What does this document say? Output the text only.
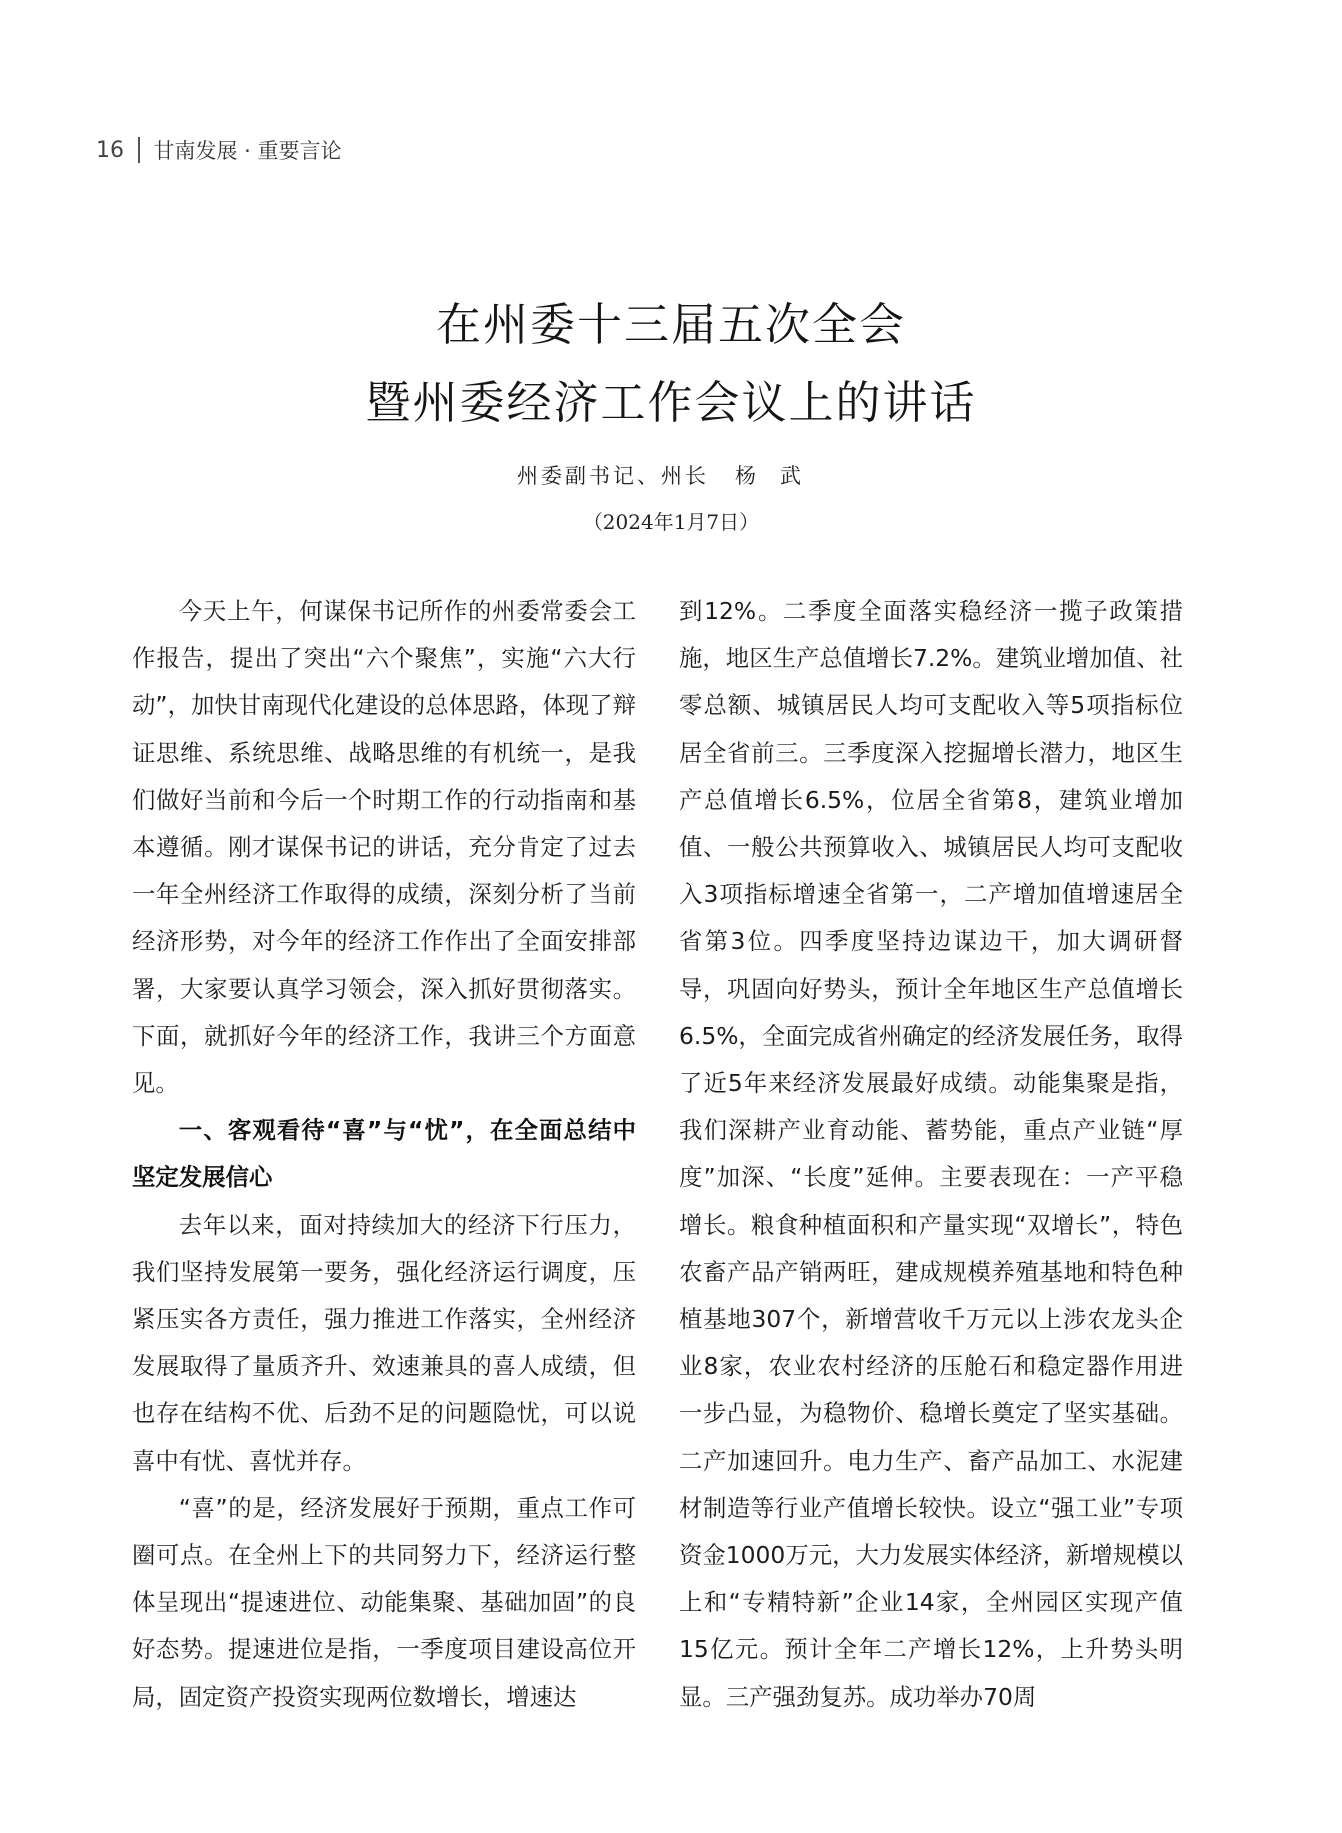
16 甘南发展 · 重要言论
在州委十三届五次全会
暨州委经济工作会议上的讲话
州委副书记、州长 杨武
（2024年1月7日）

今天上午，何谋保书记所作的州委常委会工作报告，提出了突出“六个聚焦”，实施“六大行动”，加快甘南现代化建设的总体思路，体现了辩证思维、系统思维、战略思维的有机统一，是我们做好当前和今后一个时期工作的行动指南和基本遵循。刚才谋保书记的讲话，充分肯定了过去一年全州经济工作取得的成绩，深刻分析了当前经济形势，对今年的经济工作作出了全面安排部署，大家要认真学习领会，深入抓好贯彻落实。下面，就抓好今年的经济工作，我讲三个方面意见。

一、客观看待“喜”与“忧”，在全面总结中坚定发展信心

去年以来，面对持续加大的经济下行压力，我们坚持发展第一要务，强化经济运行调度，压紧压实各方责任，强力推进工作落实，全州经济发展取得了量质齐升、效速兼具的喜人成绩，但也存在结构不优、后劲不足的问题隐忧，可以说喜中有忧、喜忧并存。

“喜”的是，经济发展好于预期，重点工作可圈可点。在全州上下的共同努力下，经济运行整体呈现出“提速进位、动能集聚、基础加固”的良好态势。提速进位是指，一季度项目建设高位开局，固定资产投资实现两位数增长，增速达

到12%。二季度全面落实稳经济一揽子政策措施，地区生产总值增长7.2%。建筑业增加值、社零总额、城镇居民人均可支配收入等5项指标位居全省前三。三季度深入挖掘增长潜力，地区生产总值增长6.5%，位居全省第8，建筑业增加值、一般公共预算收入、城镇居民人均可支配收入3项指标增速全省第一，二产增加值增速居全省第3位。四季度坚持边谋边干，加大调研督导，巩固向好势头，预计全年地区生产总值增长6.5%，全面完成省州确定的经济发展任务，取得了近5年来经济发展最好成绩。动能集聚是指，我们深耕产业育动能、蓄势能，重点产业链“厚度”加深、“长度”延伸。主要表现在：一产平稳增长。粮食种植面积和产量实现“双增长”，特色农畜产品产销两旺，建成规模养殖基地和特色种植基地307个，新增营收千万元以上涉农龙头企业8家，农业农村经济的压舱石和稳定器作用进一步凸显，为稳物价、稳增长奠定了坚实基础。二产加速回升。电力生产、畜产品加工、水泥建材制造等行业产值增长较快。设立“强工业”专项资金1000万元，大力发展实体经济，新增规模以上和“专精特新”企业14家，全州园区实现产值15亿元。预计全年二产增长12%，上升势头明显。三产强劲复苏。成功举办70周
